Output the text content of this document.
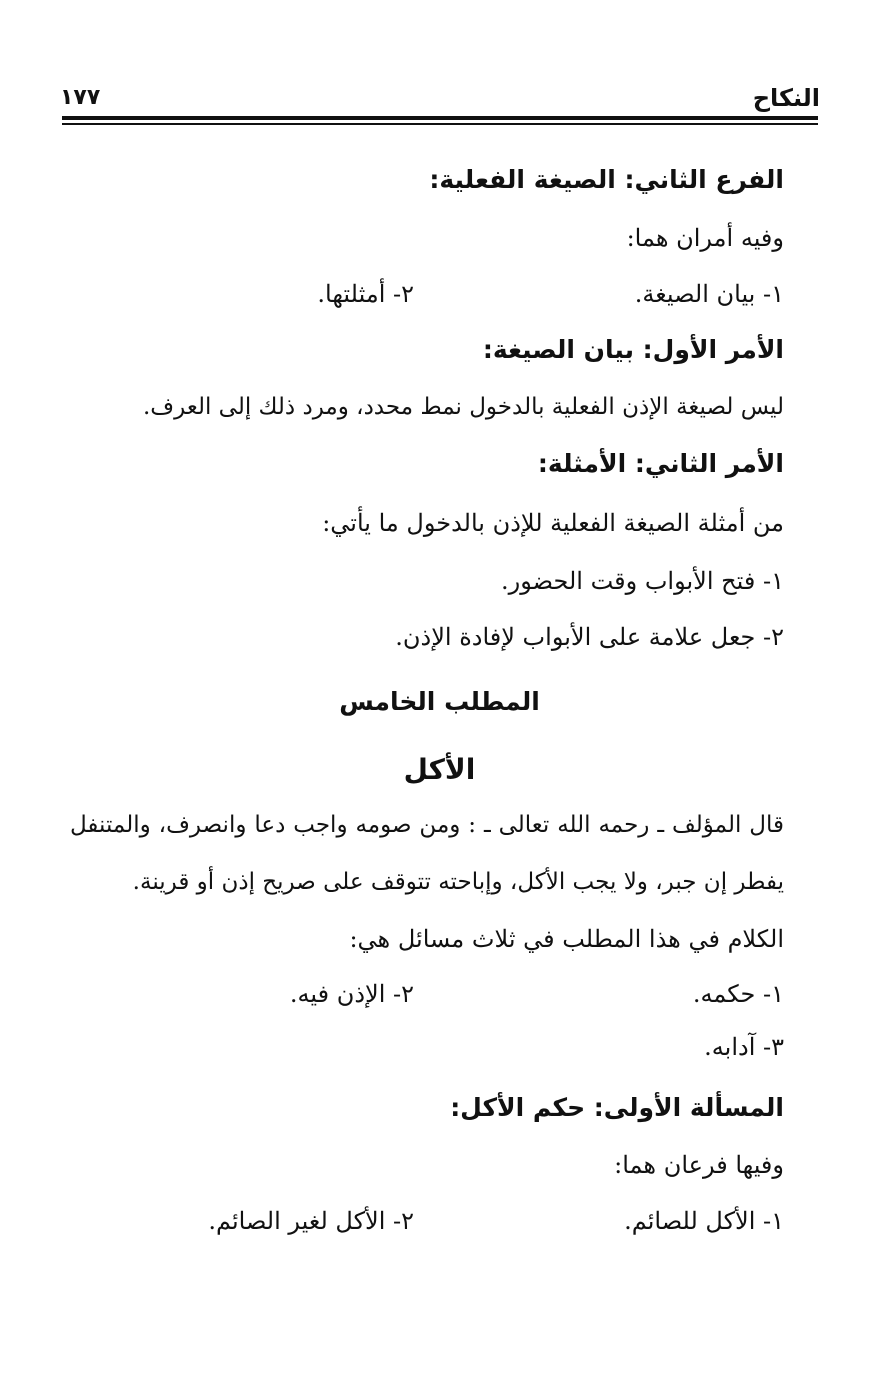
النكاح
١٧٧
الفرع الثاني: الصيغة الفعلية:
وفيه أمران هما:
١- بيان الصيغة.
٢- أمثلتها.
الأمر الأول: بيان الصيغة:
ليس لصيغة الإذن الفعلية بالدخول نمط محدد، ومرد ذلك إلى العرف.
الأمر الثاني: الأمثلة:
من أمثلة الصيغة الفعلية للإذن بالدخول ما يأتي:
١- فتح الأبواب وقت الحضور.
٢- جعل علامة على الأبواب لإفادة الإذن.
المطلب الخامس
الأكل
قال المؤلف ـ رحمه الله تعالى ـ : ومن صومه واجب دعا وانصرف، والمتنفل
يفطر إن جبر، ولا يجب الأكل، وإباحته تتوقف على صريح إذن أو قرينة.
الكلام في هذا المطلب في ثلاث مسائل هي:
١- حكمه.
٢- الإذن فيه.
٣- آدابه.
المسألة الأولى: حكم الأكل:
وفيها فرعان هما:
١- الأكل للصائم.
٢- الأكل لغير الصائم.
